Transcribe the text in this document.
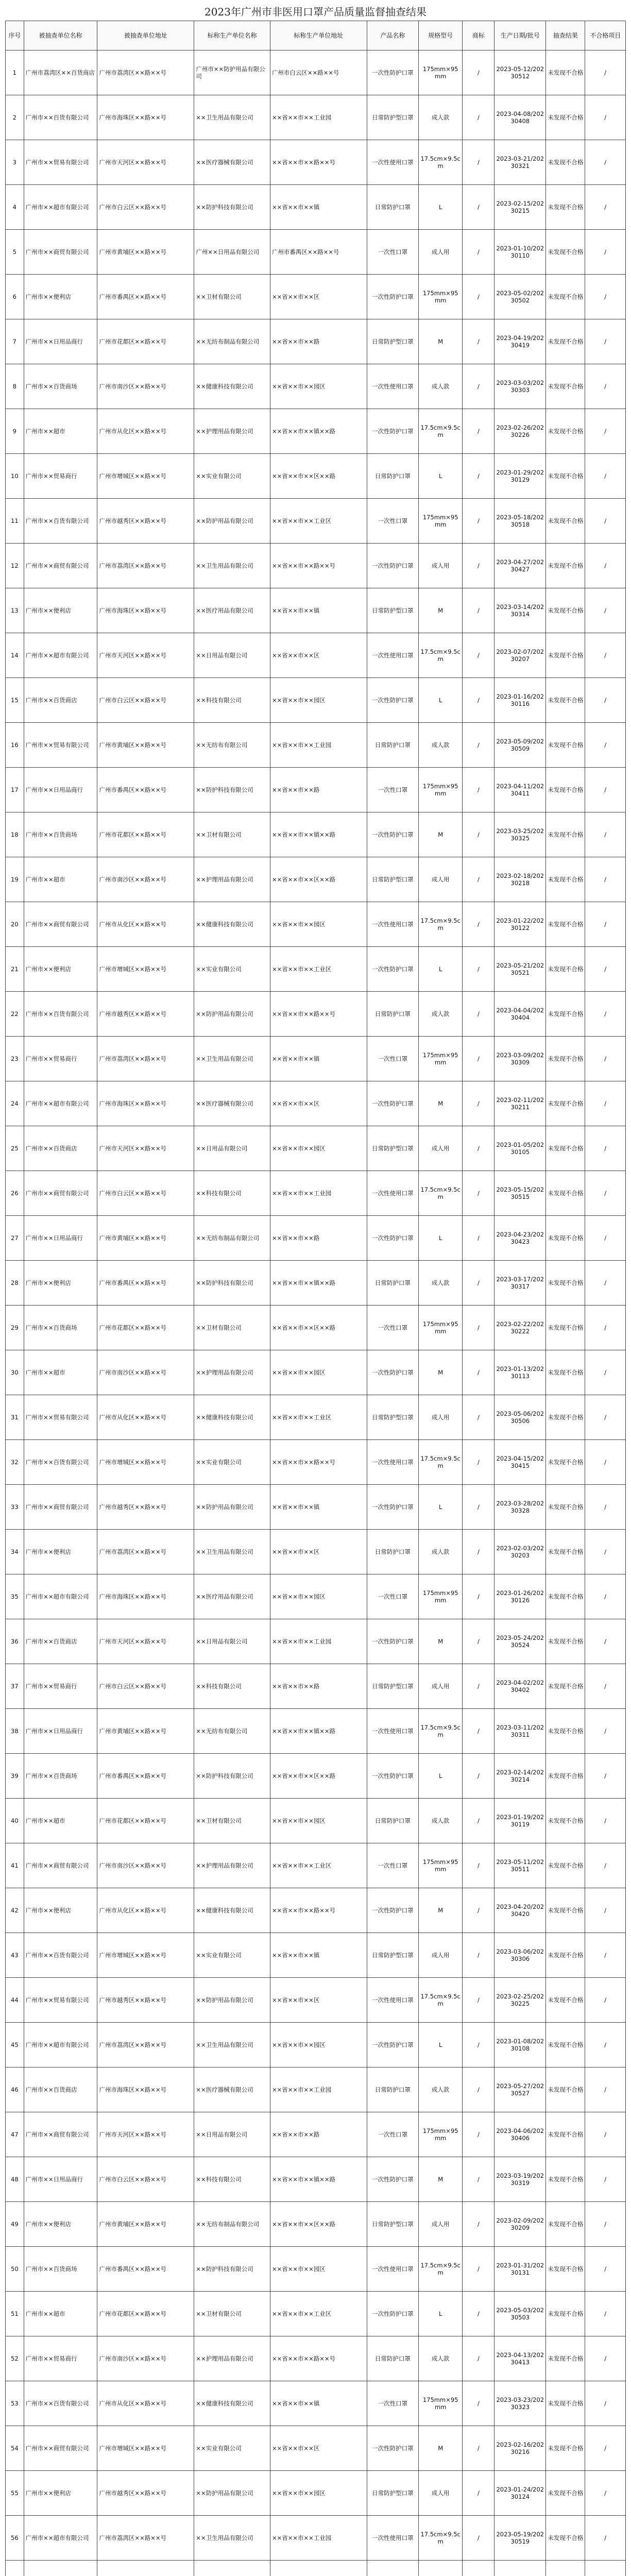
2023年广州市非医用口罩产品质量监督抽查结果
序号	被抽查单位名称	被抽查单位地址	标称生产单位名称	标称生产单位地址	产品名称	规格型号	商标	生产日期/批号	抽查结果	不合格项目
1	广州市荔湾区××百货商店	广州市荔湾区××路××号	广州市××防护用品有限公司	广州市白云区××路××号	一次性防护口罩	175mm×95mm	/	2023-05-12/20230512	未发现不合格	/
2	广州市××百货有限公司	广州市海珠区××路××号	××卫生用品有限公司	××省××市××工业园	日常防护型口罩	成人款	/	2023-04-08/20230408	未发现不合格	/
3	广州市××贸易有限公司	广州市天河区××路××号	××医疗器械有限公司	××省××市××路××号	一次性使用口罩	17.5cm×9.5cm	/	2023-03-21/20230321	未发现不合格	/
4	广州市××超市有限公司	广州市白云区××路××号	××防护科技有限公司	××省××市××镇	日常防护口罩	L	/	2023-02-15/20230215	未发现不合格	/
5	广州市××商贸有限公司	广州市黄埔区××路××号	广州××日用品有限公司	广州市番禺区××路××号	一次性口罩	成人用	/	2023-01-10/20230110	未发现不合格	/
6	广州市××便利店	广州市番禺区××路××号	××卫材有限公司	××省××市××区	一次性防护口罩	175mm×95mm	/	2023-05-02/20230502	未发现不合格	/
7	广州市××日用品商行	广州市花都区××路××号	××无纺布制品有限公司	××省××市××路	日常防护型口罩	M	/	2023-04-19/20230419	未发现不合格	/
8	广州市××百货商场	广州市南沙区××路××号	××健康科技有限公司	××省××市××园区	一次性使用口罩	成人款	/	2023-03-03/20230303	未发现不合格	/
9	广州市××超市	广州市从化区××路××号	××护理用品有限公司	××省××市××镇××路	一次性防护口罩	17.5cm×9.5cm	/	2023-02-26/20230226	未发现不合格	/
10	广州市××贸易商行	广州市增城区××路××号	××实业有限公司	××省××市××区××路	日常防护口罩	L	/	2023-01-29/20230129	未发现不合格	/
11	广州市××百货有限公司	广州市越秀区××路××号	××防护用品有限公司	××省××市××工业区	一次性口罩	175mm×95mm	/	2023-05-18/20230518	未发现不合格	/
12	广州市××商贸有限公司	广州市荔湾区××路××号	××卫生用品有限公司	××省××市××路××号	一次性防护口罩	成人用	/	2023-04-27/20230427	未发现不合格	/
13	广州市××便利店	广州市海珠区××路××号	××医疗用品有限公司	××省××市××镇	日常防护型口罩	M	/	2023-03-14/20230314	未发现不合格	/
14	广州市××超市有限公司	广州市天河区××路××号	××日用品有限公司	××省××市××区	一次性使用口罩	17.5cm×9.5cm	/	2023-02-07/20230207	未发现不合格	/
15	广州市××百货商店	广州市白云区××路××号	××科技有限公司	××省××市××园区	一次性防护口罩	L	/	2023-01-16/20230116	未发现不合格	/
16	广州市××贸易有限公司	广州市黄埔区××路××号	××无纺布有限公司	××省××市××工业园	日常防护口罩	成人款	/	2023-05-09/20230509	未发现不合格	/
17	广州市××日用品商行	广州市番禺区××路××号	××防护科技有限公司	××省××市××路	一次性口罩	175mm×95mm	/	2023-04-11/20230411	未发现不合格	/
18	广州市××百货商场	广州市花都区××路××号	××卫材有限公司	××省××市××镇××路	一次性防护口罩	M	/	2023-03-25/20230325	未发现不合格	/
19	广州市××超市	广州市南沙区××路××号	××护理用品有限公司	××省××市××区××路	日常防护型口罩	成人用	/	2023-02-18/20230218	未发现不合格	/
20	广州市××商贸有限公司	广州市从化区××路××号	××健康科技有限公司	××省××市××园区	一次性使用口罩	17.5cm×9.5cm	/	2023-01-22/20230122	未发现不合格	/
21	广州市××便利店	广州市增城区××路××号	××实业有限公司	××省××市××工业区	一次性防护口罩	L	/	2023-05-21/20230521	未发现不合格	/
22	广州市××百货有限公司	广州市越秀区××路××号	××防护用品有限公司	××省××市××路××号	日常防护口罩	成人款	/	2023-04-04/20230404	未发现不合格	/
23	广州市××贸易商行	广州市荔湾区××路××号	××卫生用品有限公司	××省××市××镇	一次性口罩	175mm×95mm	/	2023-03-09/20230309	未发现不合格	/
24	广州市××超市有限公司	广州市海珠区××路××号	××医疗器械有限公司	××省××市××区	一次性防护口罩	M	/	2023-02-11/20230211	未发现不合格	/
25	广州市××百货商店	广州市天河区××路××号	××日用品有限公司	××省××市××园区	日常防护型口罩	成人用	/	2023-01-05/20230105	未发现不合格	/
26	广州市××商贸有限公司	广州市白云区××路××号	××科技有限公司	××省××市××工业园	一次性使用口罩	17.5cm×9.5cm	/	2023-05-15/20230515	未发现不合格	/
27	广州市××日用品商行	广州市黄埔区××路××号	××无纺布制品有限公司	××省××市××路	一次性防护口罩	L	/	2023-04-23/20230423	未发现不合格	/
28	广州市××便利店	广州市番禺区××路××号	××防护科技有限公司	××省××市××镇××路	日常防护口罩	成人款	/	2023-03-17/20230317	未发现不合格	/
29	广州市××百货商场	广州市花都区××路××号	××卫材有限公司	××省××市××区××路	一次性口罩	175mm×95mm	/	2023-02-22/20230222	未发现不合格	/
30	广州市××超市	广州市南沙区××路××号	××护理用品有限公司	××省××市××园区	一次性防护口罩	M	/	2023-01-13/20230113	未发现不合格	/
31	广州市××贸易有限公司	广州市从化区××路××号	××健康科技有限公司	××省××市××工业区	日常防护型口罩	成人用	/	2023-05-06/20230506	未发现不合格	/
32	广州市××百货有限公司	广州市增城区××路××号	××实业有限公司	××省××市××路××号	一次性使用口罩	17.5cm×9.5cm	/	2023-04-15/20230415	未发现不合格	/
33	广州市××商贸有限公司	广州市越秀区××路××号	××防护用品有限公司	××省××市××镇	一次性防护口罩	L	/	2023-03-28/20230328	未发现不合格	/
34	广州市××便利店	广州市荔湾区××路××号	××卫生用品有限公司	××省××市××区	日常防护口罩	成人款	/	2023-02-03/20230203	未发现不合格	/
35	广州市××超市有限公司	广州市海珠区××路××号	××医疗用品有限公司	××省××市××园区	一次性口罩	175mm×95mm	/	2023-01-26/20230126	未发现不合格	/
36	广州市××百货商店	广州市天河区××路××号	××日用品有限公司	××省××市××工业园	一次性防护口罩	M	/	2023-05-24/20230524	未发现不合格	/
37	广州市××贸易商行	广州市白云区××路××号	××科技有限公司	××省××市××路	日常防护型口罩	成人用	/	2023-04-02/20230402	未发现不合格	/
38	广州市××日用品商行	广州市黄埔区××路××号	××无纺布有限公司	××省××市××镇××路	一次性使用口罩	17.5cm×9.5cm	/	2023-03-11/20230311	未发现不合格	/
39	广州市××百货商场	广州市番禺区××路××号	××防护科技有限公司	××省××市××区××路	一次性防护口罩	L	/	2023-02-14/20230214	未发现不合格	/
40	广州市××超市	广州市花都区××路××号	××卫材有限公司	××省××市××园区	日常防护口罩	成人款	/	2023-01-19/20230119	未发现不合格	/
41	广州市××商贸有限公司	广州市南沙区××路××号	××护理用品有限公司	××省××市××工业区	一次性口罩	175mm×95mm	/	2023-05-11/20230511	未发现不合格	/
42	广州市××便利店	广州市从化区××路××号	××健康科技有限公司	××省××市××路××号	一次性防护口罩	M	/	2023-04-20/20230420	未发现不合格	/
43	广州市××百货有限公司	广州市增城区××路××号	××实业有限公司	××省××市××镇	日常防护型口罩	成人用	/	2023-03-06/20230306	未发现不合格	/
44	广州市××贸易有限公司	广州市越秀区××路××号	××防护用品有限公司	××省××市××区	一次性使用口罩	17.5cm×9.5cm	/	2023-02-25/20230225	未发现不合格	/
45	广州市××超市有限公司	广州市荔湾区××路××号	××卫生用品有限公司	××省××市××园区	一次性防护口罩	L	/	2023-01-08/20230108	未发现不合格	/
46	广州市××百货商店	广州市海珠区××路××号	××医疗器械有限公司	××省××市××工业园	日常防护口罩	成人款	/	2023-05-27/20230527	未发现不合格	/
47	广州市××商贸有限公司	广州市天河区××路××号	××日用品有限公司	××省××市××路	一次性口罩	175mm×95mm	/	2023-04-06/20230406	未发现不合格	/
48	广州市××日用品商行	广州市白云区××路××号	××科技有限公司	××省××市××镇××路	一次性防护口罩	M	/	2023-03-19/20230319	未发现不合格	/
49	广州市××便利店	广州市黄埔区××路××号	××无纺布制品有限公司	××省××市××区××路	日常防护型口罩	成人用	/	2023-02-09/20230209	未发现不合格	/
50	广州市××百货商场	广州市番禺区××路××号	××防护科技有限公司	××省××市××园区	一次性使用口罩	17.5cm×9.5cm	/	2023-01-31/20230131	未发现不合格	/
51	广州市××超市	广州市花都区××路××号	××卫材有限公司	××省××市××工业区	一次性防护口罩	L	/	2023-05-03/20230503	未发现不合格	/
52	广州市××贸易商行	广州市南沙区××路××号	××护理用品有限公司	××省××市××路××号	日常防护口罩	成人款	/	2023-04-13/20230413	未发现不合格	/
53	广州市××百货有限公司	广州市从化区××路××号	××健康科技有限公司	××省××市××镇	一次性口罩	175mm×95mm	/	2023-03-23/20230323	未发现不合格	/
54	广州市××商贸有限公司	广州市增城区××路××号	××实业有限公司	××省××市××区	一次性防护口罩	M	/	2023-02-16/20230216	未发现不合格	/
55	广州市××便利店	广州市越秀区××路××号	××防护用品有限公司	××省××市××园区	日常防护型口罩	成人用	/	2023-01-24/20230124	未发现不合格	/
56	广州市××超市有限公司	广州市荔湾区××路××号	××卫生用品有限公司	××省××市××工业园	一次性使用口罩	17.5cm×9.5cm	/	2023-05-19/20230519	未发现不合格	/
